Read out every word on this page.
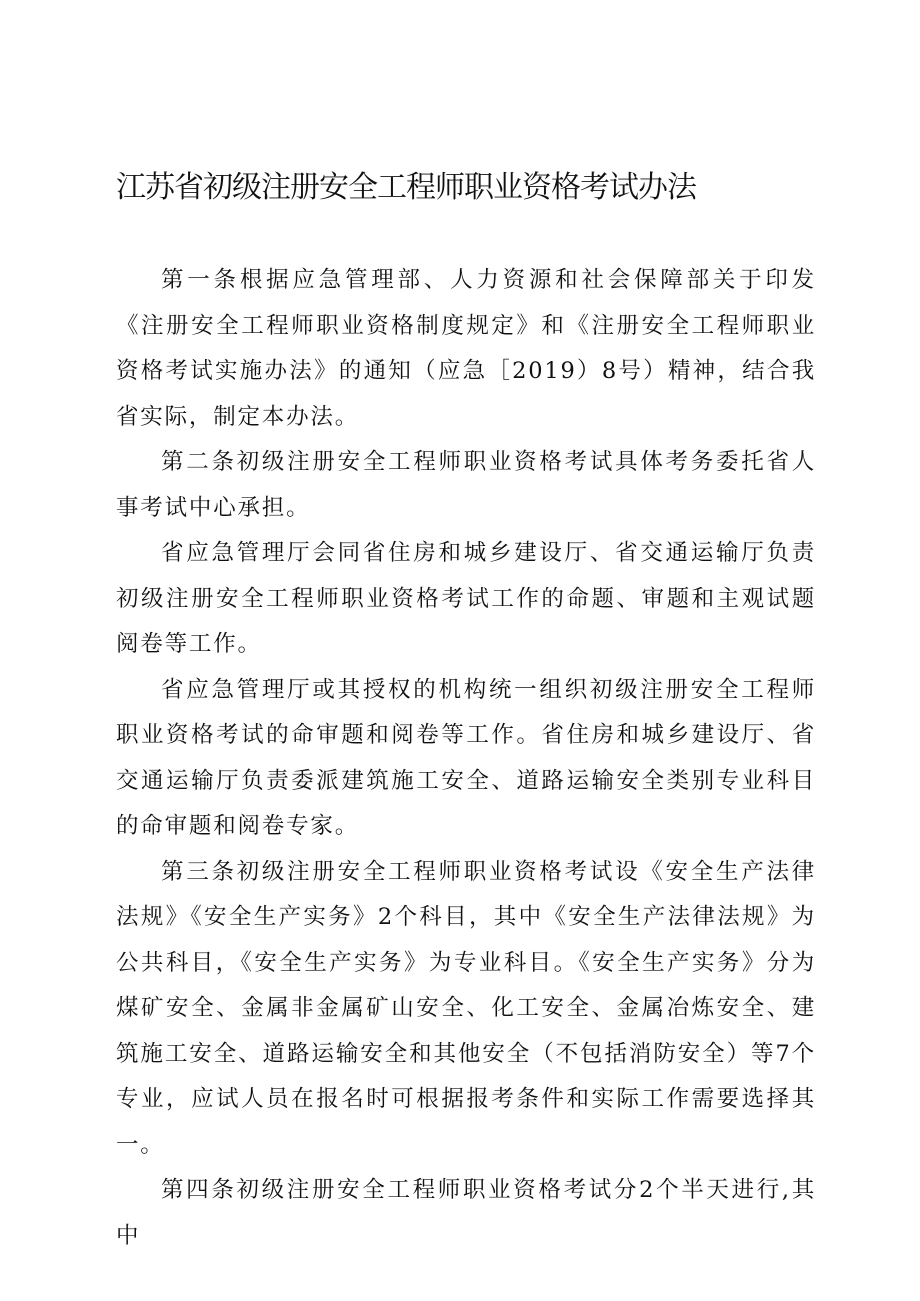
江苏省初级注册安全工程师职业资格考试办法

第一条根据应急管理部、人力资源和社会保障部关于印发《注册安全工程师职业资格制度规定》和《注册安全工程师职业资格考试实施办法》的通知（应急［2019）8号）精神，结合我省实际，制定本办法。

第二条初级注册安全工程师职业资格考试具体考务委托省人事考试中心承担。

省应急管理厅会同省住房和城乡建设厅、省交通运输厅负责初级注册安全工程师职业资格考试工作的命题、审题和主观试题阅卷等工作。

省应急管理厅或其授权的机构统一组织初级注册安全工程师职业资格考试的命审题和阅卷等工作。省住房和城乡建设厅、省交通运输厅负责委派建筑施工安全、道路运输安全类别专业科目的命审题和阅卷专家。

第三条初级注册安全工程师职业资格考试设《安全生产法律法规》《安全生产实务》2个科目，其中《安全生产法律法规》为公共科目，《安全生产实务》为专业科目。《安全生产实务》分为煤矿安全、金属非金属矿山安全、化工安全、金属冶炼安全、建筑施工安全、道路运输安全和其他安全（不包括消防安全）等7个专业，应试人员在报名时可根据报考条件和实际工作需要选择其一。

第四条初级注册安全工程师职业资格考试分2个半天进行,其中
